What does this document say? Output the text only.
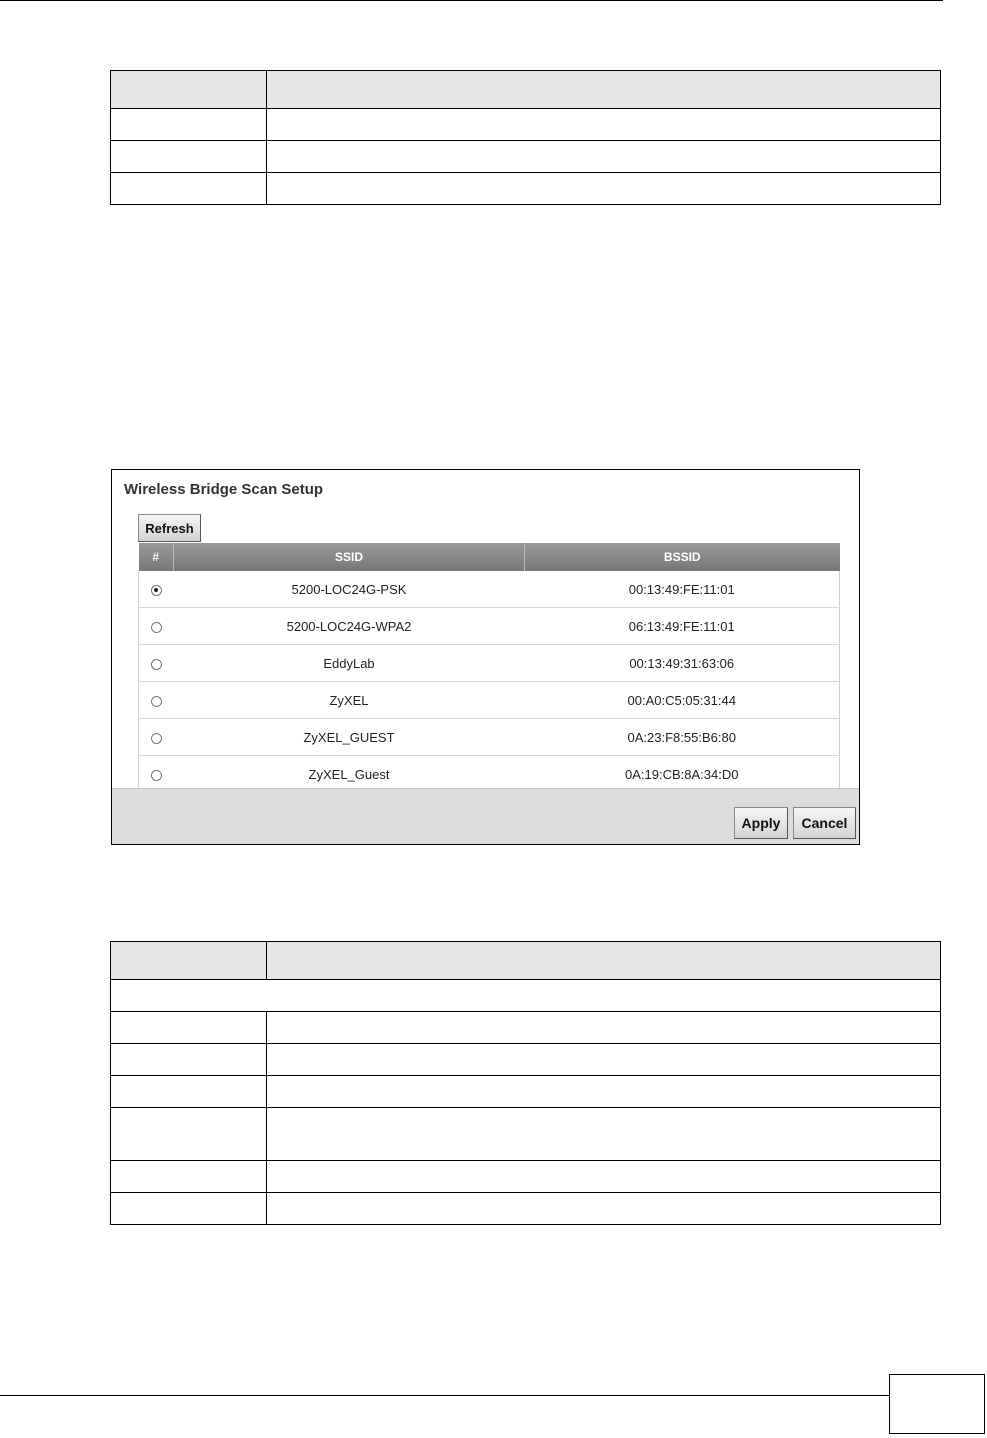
Wireless Bridge Scan Setup
Refresh
#	SSID	BSSID
	5200-LOC24G-PSK	00:13:49:FE:11:01
	5200-LOC24G-WPA2	06:13:49:FE:11:01
	EddyLab	00:13:49:31:63:06
	ZyXEL	00:A0:C5:05:31:44
	ZyXEL_GUEST	0A:23:F8:55:B6:80
	ZyXEL_Guest	0A:19:CB:8A:34:D0
Apply	Cancel
